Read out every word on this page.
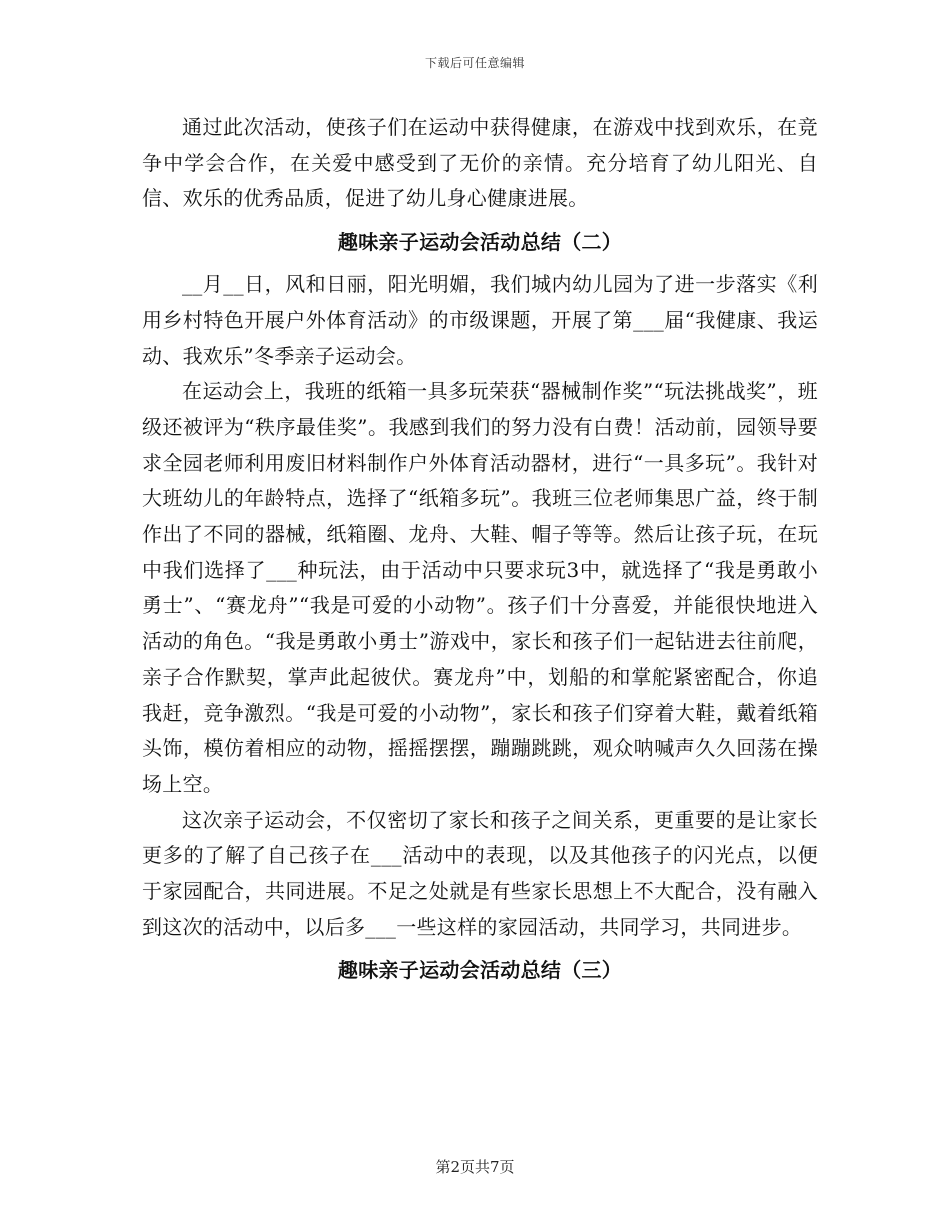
下载后可任意编辑

通过此次活动，使孩子们在运动中获得健康，在游戏中找到欢乐，在竞争中学会合作，在关爱中感受到了无价的亲情。充分培育了幼儿阳光、自信、欢乐的优秀品质，促进了幼儿身心健康进展。

趣味亲子运动会活动总结（二）

__月__日，风和日丽，阳光明媚，我们城内幼儿园为了进一步落实《利用乡村特色开展户外体育活动》的市级课题，开展了第___届“我健康、我运动、我欢乐”冬季亲子运动会。

在运动会上，我班的纸箱一具多玩荣获“器械制作奖”“玩法挑战奖”，班级还被评为“秩序最佳奖”。我感到我们的努力没有白费！活动前，园领导要求全园老师利用废旧材料制作户外体育活动器材，进行“一具多玩”。我针对大班幼儿的年龄特点，选择了“纸箱多玩”。我班三位老师集思广益，终于制作出了不同的器械，纸箱圈、龙舟、大鞋、帽子等等。然后让孩子玩，在玩中我们选择了___种玩法，由于活动中只要求玩3中，就选择了“我是勇敢小勇士”、“赛龙舟”“我是可爱的小动物”。孩子们十分喜爱，并能很快地进入活动的角色。“我是勇敢小勇士”游戏中，家长和孩子们一起钻进去往前爬，亲子合作默契，掌声此起彼伏。赛龙舟”中，划船的和掌舵紧密配合，你追我赶，竞争激烈。“我是可爱的小动物”，家长和孩子们穿着大鞋，戴着纸箱头饰，模仿着相应的动物，摇摇摆摆，蹦蹦跳跳，观众呐喊声久久回荡在操场上空。

这次亲子运动会，不仅密切了家长和孩子之间关系，更重要的是让家长更多的了解了自己孩子在___活动中的表现，以及其他孩子的闪光点，以便于家园配合，共同进展。不足之处就是有些家长思想上不大配合，没有融入到这次的活动中，以后多___一些这样的家园活动，共同学习，共同进步。

趣味亲子运动会活动总结（三）
第2页共7页
